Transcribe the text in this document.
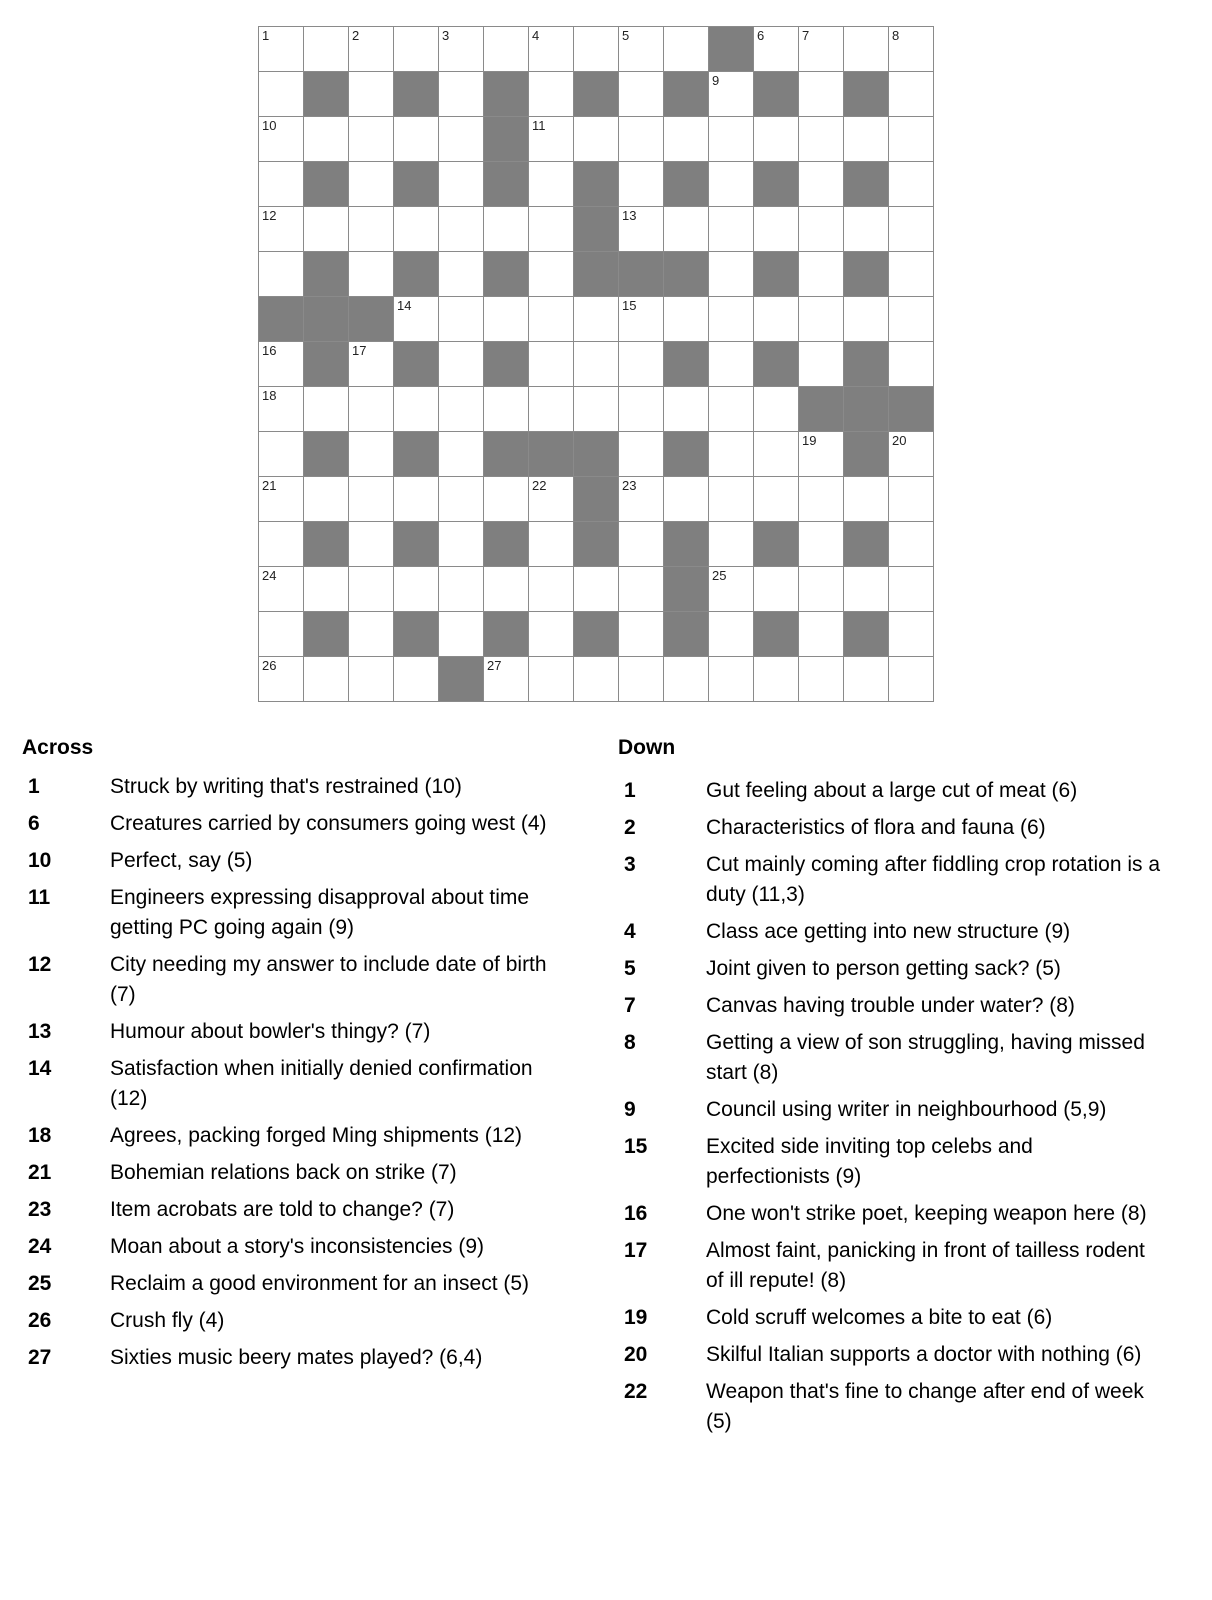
1		2		3		4		5			6	7		8

										9				

10						11								

12								13						

			14					15						

16		17												

18														

												19		20

21						22		23						

24										25				

26					27									

Across
1	Struck by writing that's restrained (10)
6	Creatures carried by consumers going west (4)
10	Perfect, say (5)
11	Engineers expressing disapproval about time getting PC going again (9)
12	City needing my answer to include date of birth (7)
13	Humour about bowler's thingy? (7)
14	Satisfaction when initially denied confirmation (12)
18	Agrees, packing forged Ming shipments (12)
21	Bohemian relations back on strike (7)
23	Item acrobats are told to change? (7)
24	Moan about a story's inconsistencies (9)
25	Reclaim a good environment for an insect (5)
26	Crush fly (4)
27	Sixties music beery mates played? (6,4)
Down
1	Gut feeling about a large cut of meat (6)
2	Characteristics of flora and fauna (6)
3	Cut mainly coming after fiddling crop rotation is a duty (11,3)
4	Class ace getting into new structure (9)
5	Joint given to person getting sack? (5)
7	Canvas having trouble under water? (8)
8	Getting a view of son struggling, having missed start (8)
9	Council using writer in neighbourhood (5,9)
15	Excited side inviting top celebs and perfectionists (9)
16	One won't strike poet, keeping weapon here (8)
17	Almost faint, panicking in front of tailless rodent of ill repute! (8)
19	Cold scruff welcomes a bite to eat (6)
20	Skilful Italian supports a doctor with nothing (6)
22	Weapon that's fine to change after end of week (5)
